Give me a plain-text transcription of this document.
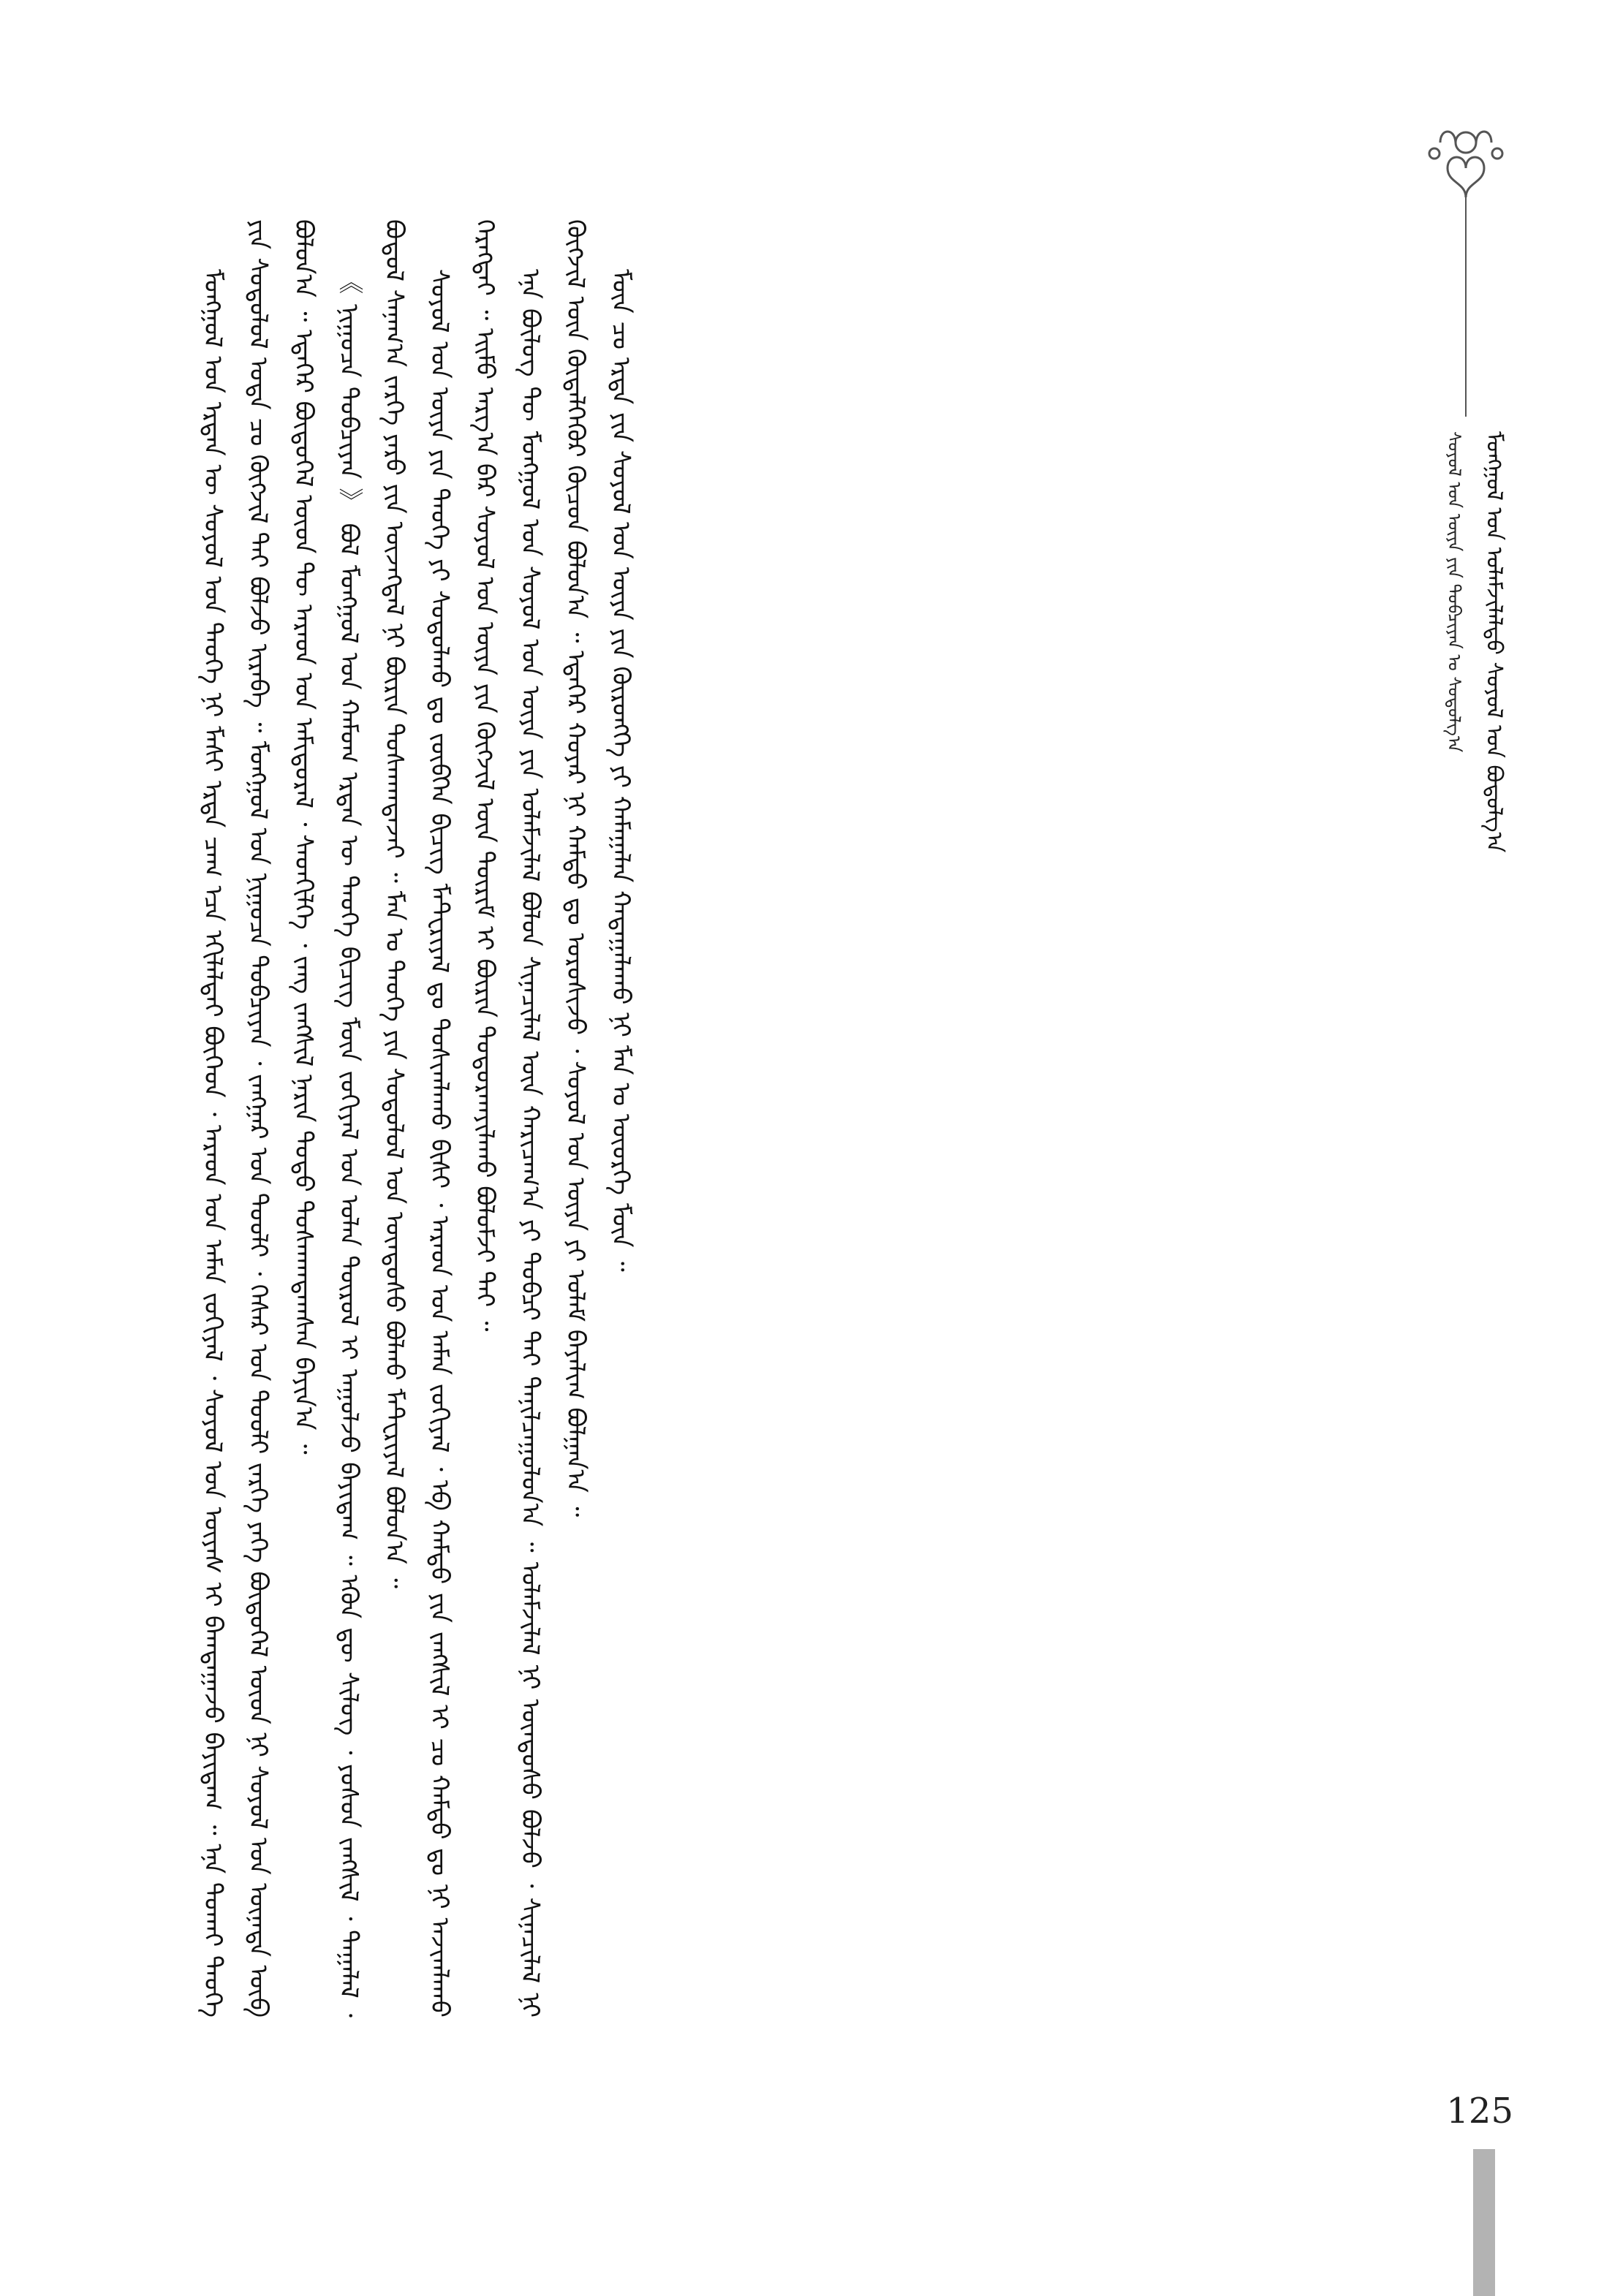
ᠮᠣᠩᠭᠣᠯ ᠤᠨ ᠤᠯᠠᠮᠵᠢᠯᠠᠯᠲᠤ ᠰᠤᠶᠤᠯ ᠤᠨ ᠪᠤᠳᠤᠯᠭ᠎ᠠ
ᠰᠣᠶᠣᠯ ᠤᠨ ᠦᠶᠡ ᠶᠢᠨ ᠲᠣᠪᠴᠢᠶᠠᠨ ᠤ ᠰᠤᠳᠤᠯᠭ᠎ᠠ

ᠮᠣᠩᠭᠣᠯ ᠤᠨ ᠡᠷᠲᠡᠨ ᠦ ᠰᠣᠶᠣᠯ ᠤᠨ ᠲᠡᠦᠬᠡ ᠨᠢ ᠮᠠᠰᠢ ᠡᠷᠲᠡ ᠴᠠᠭ ᠡᠴᠡ ᠡᠬᠢᠯᠡᠯᠲᠡᠢ ᠪᠥᠭᠡᠳ ᠂ ᠠᠷᠠᠳ ᠤᠨ ᠠᠮᠠᠨ ᠵᠣᠬᠢᠶᠠᠯ ᠂ ᠰᠣᠶᠣᠯ ᠤᠨ ᠦᠶᠡᠰ ᠢ ᠪᠠᠭᠲᠠᠭᠠᠵᠤ ᠪᠠᠶᠢᠳᠠᠭ ᠃ ᠡᠨᠡ ᠲᠤᠬᠠᠢ ᠲᠡᠦᠬᠡ ᠶᠢᠨ ᠰᠤᠳᠤᠯᠤᠯ ᠤᠳᠠ ᠴᠤ ᠬᠥᠭᠵᠢᠯ ᠲᠡᠢ ᠪᠣᠯᠵᠤ ᠢᠷᠡᠪᠡ ᠃ ᠮᠣᠩᠭᠣᠯ ᠤᠨ ᠨᠢᠭᠤᠴᠠ ᠲᠣᠪᠴᠢᠶᠠᠨ ᠂ ᠵᠠᠩᠭᠠᠷ ᠤᠨ ᠲᠤᠤᠯᠢ ᠂ ᠭᠡᠰᠡᠷ ᠤᠨ ᠲᠤᠤᠯᠢ ᠵᠡᠷᠭᠡ ᠶᠡᠬᠡ ᠪᠦᠲᠦᠭᠡᠯ ᠦᠳ ᠨᠢ ᠰᠣᠶᠣᠯ ᠤᠨ ᠦᠨᠡᠲᠡ ᠥᠪ ᠪᠣᠯᠤᠨ᠎ᠠ ᠃ ᠡᠳᠡᠭᠡᠷ ᠪᠦᠲᠦᠭᠡᠯ ᠦᠳ ᠲᠦ ᠠᠷᠠᠳ ᠤᠨ ᠠᠮᠢᠳᠤᠷᠠᠯ ᠂ ᠰᠡᠳᠬᠢᠯᠭᠡ ᠂ ᠵᠠᠩ ᠵᠠᠩᠱᠢᠯ ᠨᠠᠷᠢᠨ ᠲᠣᠳᠣ ᠲᠤᠰᠬᠠᠭᠳᠠᠭᠰᠠᠨ ᠪᠠᠶᠢᠨ᠎ᠠ ᠃ 《 ᠨᠢᠭᠤᠴᠠ ᠲᠣᠪᠴᠢᠶᠠᠨ 》 ᠪᠣᠯ ᠮᠣᠩᠭᠣᠯ ᠤᠨ ᠬᠠᠮᠤᠭ ᠡᠷᠲᠡᠨ ᠦ ᠲᠡᠦᠬᠡ ᠪᠢᠴᠢᠭ ᠮᠥᠨ ᠵᠣᠬᠢᠶᠠᠯ ᠤᠨ ᠣᠯᠠᠨ ᠲᠥᠷᠥᠯ ᠢ ᠠᠭᠤᠯᠵᠤ ᠪᠠᠶᠢᠳᠠᠭ ᠃ ᠡᠭᠦᠨ ᠳᠦ ᠰᠢᠯᠦᠭ ᠂ ᠶᠣᠰᠤᠨ ᠵᠠᠩᠱᠢᠯ ᠂ ᠲᠠᠭᠠᠯᠠᠯ ᠂ ᠪᠣᠳᠤᠯ ᠰᠠᠨᠠᠭ᠎ᠠ ᠵᠡᠷᠭᠡ ᠶᠡᠷᠦ ᠶᠢᠨ ᠦᠵᠡᠭᠳᠡᠯ ᠨᠢ ᠪᠦᠷᠢᠨ ᠲᠤᠰᠬᠠᠭᠳᠠᠵᠠᠢ ᠃ ᠮᠠᠨ ᠤ ᠲᠡᠦᠬᠡ ᠶᠢᠨ ᠰᠤᠳᠤᠯᠤᠯ ᠤᠨ ᠦᠨᠳᠦᠰᠦ ᠪᠣᠯᠬᠤ ᠮᠠᠲᠸᠷᠢᠶᠠᠯ ᠪᠣᠯᠤᠨ᠎ᠠ ᠃ ᠰᠣᠶᠣᠯ ᠤᠨ ᠦᠶᠡ ᠶᠢᠨ ᠲᠡᠦᠬᠡ ᠶᠢ ᠰᠤᠳᠤᠯᠬᠤ ᠳᠤ ᠵᠥᠪᠬᠡᠨ ᠪᠢᠴᠢᠭ᠌ ᠮᠠᠲᠸᠷᠢᠶᠠᠯ ᠳᠤ ᠲᠤᠰᠢᠭᠯᠠᠬᠤ ᠪᠢᠰᠢ ᠂ ᠠᠷᠠᠳ ᠤᠨ ᠠᠮᠠᠨ ᠵᠣᠬᠢᠶᠠᠯ ᠂ ᠡᠪ ᠬᠠᠮᠲᠤ ᠶᠢᠨ ᠵᠠᠩᠱᠢᠯ ᠢ ᠴᠤ ᠬᠠᠮᠲᠤ ᠳᠤ ᠨᠢ ᠠᠵᠢᠭᠯᠠᠬᠤ ᠬᠡᠷᠡᠭᠲᠡᠢ ᠃ ᠡᠢᠮᠦ ᠠᠷᠭ᠎ᠠ ᠪᠠᠷ ᠰᠣᠶᠣᠯ ᠤᠨ ᠦᠶᠡ ᠶᠢᠨ ᠬᠥᠭᠵᠢᠯ ᠦᠨ ᠳᠦᠷᠢᠮ ᠢ ᠪᠦᠷᠢᠨ ᠲᠣᠳᠣᠷᠬᠠᠶᠢᠯᠠᠬᠤ ᠪᠣᠯᠤᠮᠵᠢ ᠲᠠᠢ ᠃ ᠡᠨᠡ ᠪᠦᠯᠦᠭ ᠲᠦ ᠮᠣᠩᠭᠣᠯ ᠤᠨ ᠰᠣᠶᠣᠯ ᠤᠨ ᠦᠶᠡ ᠶᠢᠨ ᠤᠯᠠᠮᠵᠢᠯᠠᠯ ᠪᠣᠯᠤᠨ ᠰᠢᠨᠡᠴᠢᠯᠡᠯ ᠦᠨ ᠬᠠᠷᠢᠴᠠᠭ᠎ᠠ ᠶᠢ ᠲᠣᠪᠴᠢ ᠲᠠᠢ ᠲᠠᠨᠢᠯᠴᠠᠭᠤᠯᠤᠨ᠎ᠠ ᠃ ᠤᠯᠠᠮᠵᠢᠯᠠᠯ ᠨᠢ ᠦᠨᠳᠦᠰᠦ ᠪᠣᠯᠵᠤ ᠂ ᠰᠢᠨᠡᠴᠢᠯᠡᠯ ᠨᠢ ᠬᠥᠭᠵᠢᠯ ᠦᠨ ᠬᠥᠳᠡᠯᠭᠡᠭᠦᠷ ᠬᠦᠴᠦᠨ ᠪᠣᠯᠤᠨ᠎ᠠ ᠃ ᠡᠳᠡᠭᠡᠷ ᠬᠣᠶᠠᠷ ᠨᠢ ᠬᠠᠮᠲᠤ ᠳᠤ ᠣᠷᠣᠰᠢᠵᠤ ᠂ ᠰᠣᠶᠣᠯ ᠤᠨ ᠦᠶᠡ ᠶᠢ ᠤᠯᠠᠮ ᠪᠠᠶᠠᠯᠢᠭ ᠪᠣᠯᠭᠠᠨ᠎ᠠ ᠃ ᠮᠥᠨ ᠴᠤ ᠡᠷᠲᠡ ᠶᠢᠨ ᠰᠣᠶᠣᠯ ᠤᠨ ᠦᠶᠡ ᠶᠢᠨ ᠬᠥᠷᠥᠩᠭᠡ ᠶᠢ ᠬᠠᠮᠠᠭᠠᠯᠠᠨ ᠬᠠᠳᠠᠭᠠᠯᠠᠬᠤ ᠨᠢ ᠮᠠᠨ ᠤ ᠦᠦᠷᠭᠡ ᠮᠥᠨ ᠃

125
